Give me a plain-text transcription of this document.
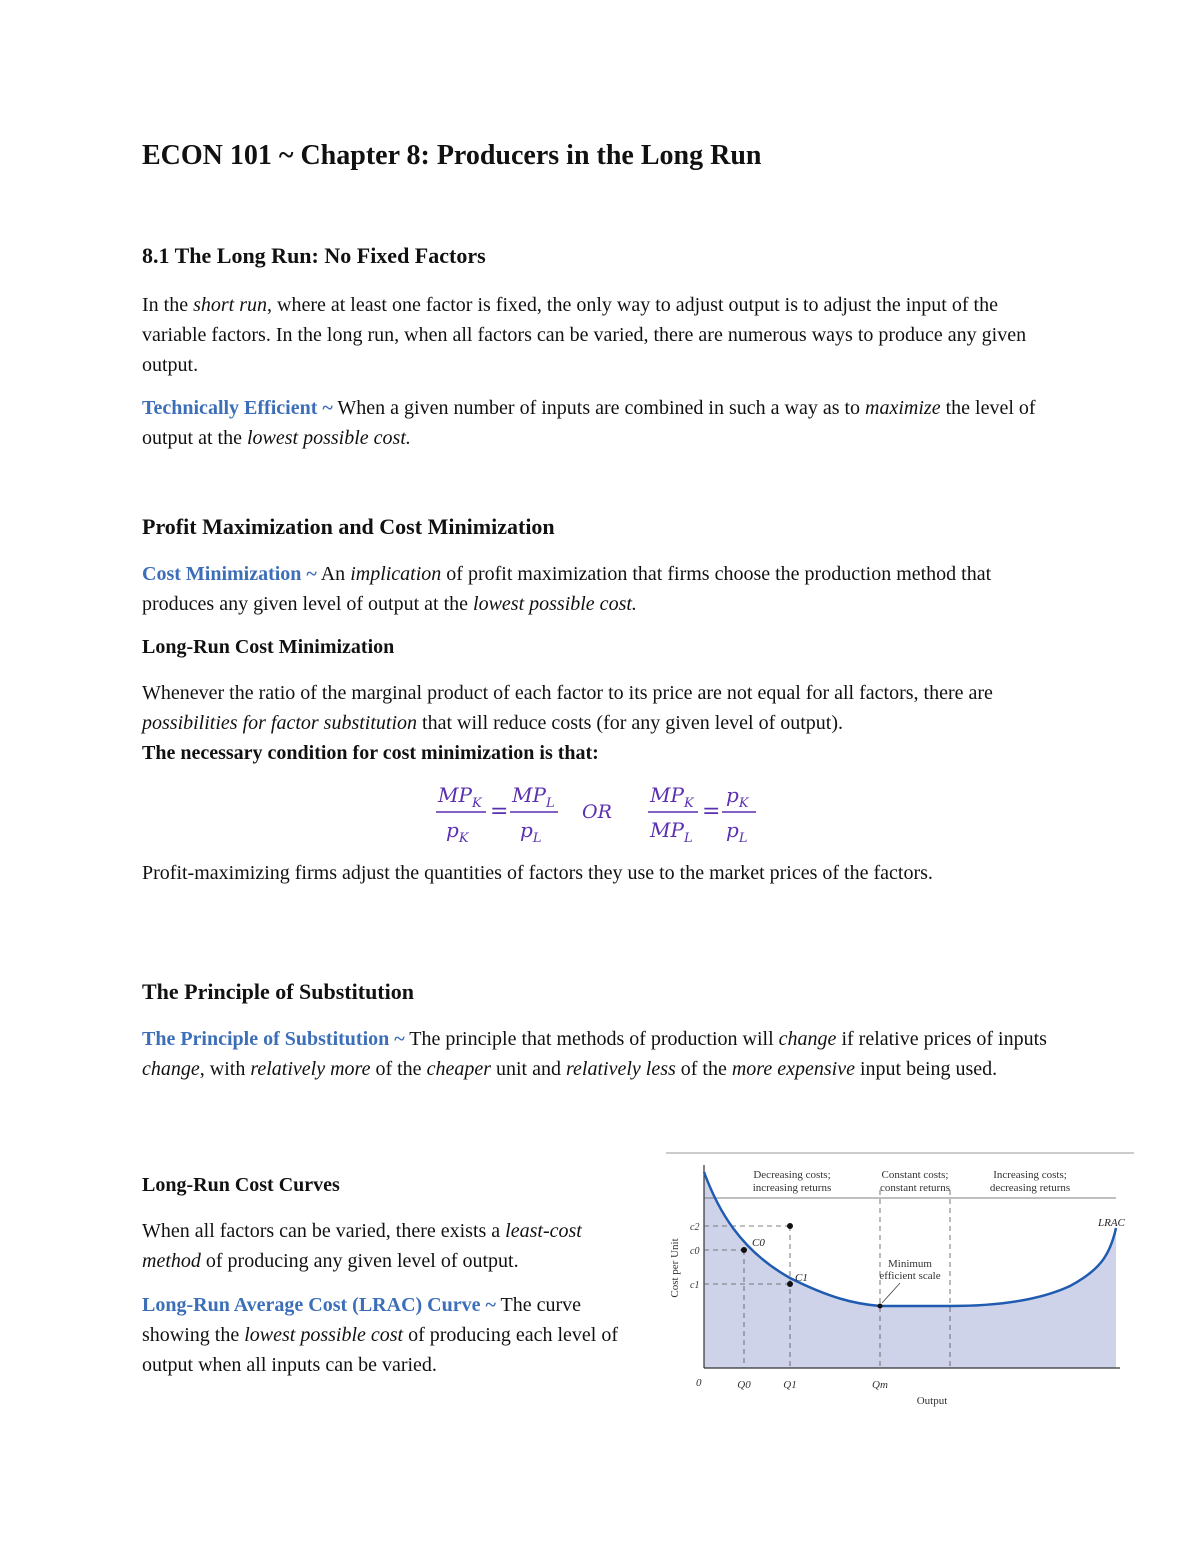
ECON 101 ~ Chapter 8: Producers in the Long Run
8.1 The Long Run: No Fixed Factors

In the short run, where at least one factor is fixed, the only way to adjust output is to adjust the input of the variable factors. In the long run, when all factors can be varied, there are numerous ways to produce any given output.

Technically Efficient ~ When a given number of inputs are combined in such a way as to maximize the level of output at the lowest possible cost.

Profit Maximization and Cost Minimization

Cost Minimization ~ An implication of profit maximization that firms choose the production method that produces any given level of output at the lowest possible cost.

Long-Run Cost Minimization

Whenever the ratio of the marginal product of each factor to its price are not equal for all factors, there are possibilities for factor substitution that will reduce costs (for any given level of output).
The necessary condition for cost minimization is that:

$MP_K$
$p_K$
=
$MP_L$
$p_L$
OR
$MP_K$
$MP_L$
=
$p_K$
$p_L$

Profit-maximizing firms adjust the quantities of factors they use to the market prices of the factors.

The Principle of Substitution

The Principle of Substitution ~ The principle that methods of production will change if relative prices of inputs change, with relatively more of the cheaper unit and relatively less of the more expensive input being used.

Long-Run Cost Curves

When all factors can be varied, there exists a least-cost method of producing any given level of output.

Long-Run Average Cost (LRAC) Curve ~ The curve showing the lowest possible cost of producing each level of output when all inputs can be varied.

Decreasing costs;
increasing returns
Constant costs;
constant returns
Increasing costs;
decreasing returns
C0
C1
Minimum
efficient scale
LRAC
c2
c0
c1
Cost per Unit
0	Q0	Q1	Qm
Output
